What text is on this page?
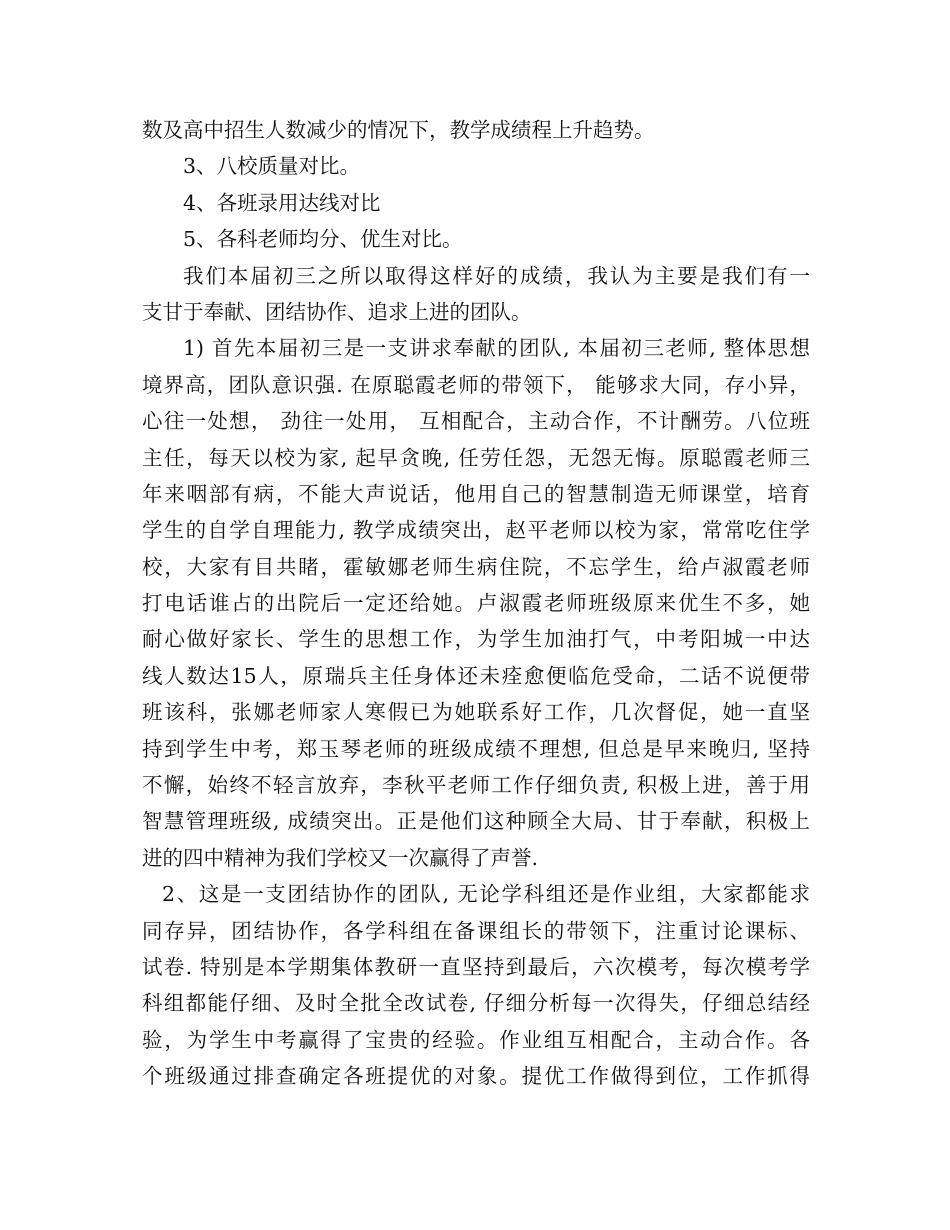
数及高中招生人数减少的情况下，教学成绩程上升趋势。
3、八校质量对比。
4、各班录用达线对比
5、各科老师均分、优生对比。
我们本届初三之所以取得这样好的成绩，我认为主要是我们有一
支甘于奉献、团结协作、追求上进的团队。
1) 首先本届初三是一支讲求奉献的团队, 本届初三老师, 整体思想
境界高，团队意识强. 在原聪霞老师的带领下， 能够求大同，存小异，
心往一处想， 劲往一处用， 互相配合，主动合作，不计酬劳。八位班
主任，每天以校为家, 起早贪晚, 任劳任怨，无怨无悔。原聪霞老师三
年来咽部有病，不能大声说话，他用自己的智慧制造无师课堂，培育
学生的自学自理能力, 教学成绩突出，赵平老师以校为家，常常吃住学
校，大家有目共睹，霍敏娜老师生病住院，不忘学生，给卢淑霞老师
打电话谁占的出院后一定还给她。卢淑霞老师班级原来优生不多，她
耐心做好家长、学生的思想工作，为学生加油打气，中考阳城一中达
线人数达15人，原瑞兵主任身体还未痊愈便临危受命，二话不说便带
班该科，张娜老师家人寒假已为她联系好工作，几次督促，她一直坚
持到学生中考，郑玉琴老师的班级成绩不理想, 但总是早来晚归, 坚持
不懈，始终不轻言放弃，李秋平老师工作仔细负责, 积极上进，善于用
智慧管理班级, 成绩突出。正是他们这种顾全大局、甘于奉献，积极上
进的四中精神为我们学校又一次赢得了声誉.
2、这是一支团结协作的团队, 无论学科组还是作业组，大家都能求
同存异，团结协作，各学科组在备课组长的带领下，注重讨论课标、
试卷. 特别是本学期集体教研一直坚持到最后，六次模考，每次模考学
科组都能仔细、及时全批全改试卷, 仔细分析每一次得失，仔细总结经
验，为学生中考赢得了宝贵的经验。作业组互相配合，主动合作。各
个班级通过排查确定各班提优的对象。提优工作做得到位，工作抓得
